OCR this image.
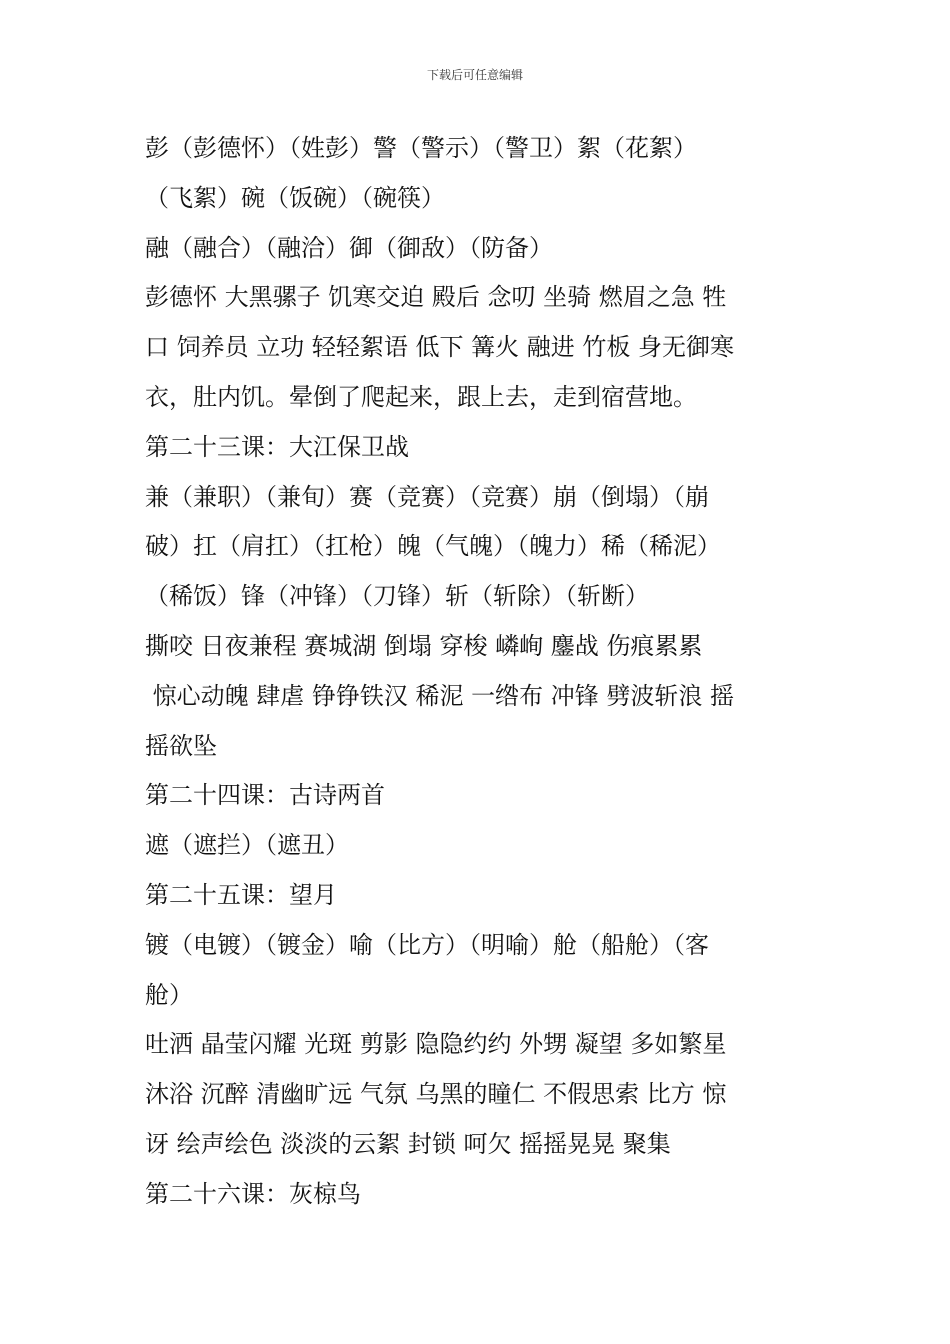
下载后可任意编辑
彭（彭德怀）（姓彭）警（警示）（警卫）絮（花絮）
（飞絮）碗（饭碗）（碗筷）
融（融合）（融洽）御（御敌）（防备）
彭德怀 大黑骡子 饥寒交迫 殿后 念叨 坐骑 燃眉之急 牲
口 饲养员 立功 轻轻絮语 低下 篝火 融进 竹板 身无御寒
衣，肚内饥。晕倒了爬起来，跟上去，走到宿营地。
第二十三课：大江保卫战
兼（兼职）（兼旬）赛（竞赛）（竞赛）崩（倒塌）（崩
破）扛（肩扛）（扛枪）魄（气魄）（魄力）稀（稀泥）
（稀饭）锋（冲锋）（刀锋）斩（斩除）（斩断）
撕咬 日夜兼程 赛城湖 倒塌 穿梭 嶙峋 鏖战 伤痕累累
惊心动魄 肆虐 铮铮铁汉 稀泥 一绺布 冲锋 劈波斩浪 摇
摇欲坠
第二十四课：古诗两首
遮（遮拦）（遮丑）
第二十五课：望月
镀（电镀）（镀金）喻（比方）（明喻）舱（船舱）（客
舱）
吐洒 晶莹闪耀 光斑 剪影 隐隐约约 外甥 凝望 多如繁星
沐浴 沉醉 清幽旷远 气氛 乌黑的瞳仁 不假思索 比方 惊
讶 绘声绘色 淡淡的云絮 封锁 呵欠 摇摇晃晃 聚集
第二十六课：灰椋鸟
